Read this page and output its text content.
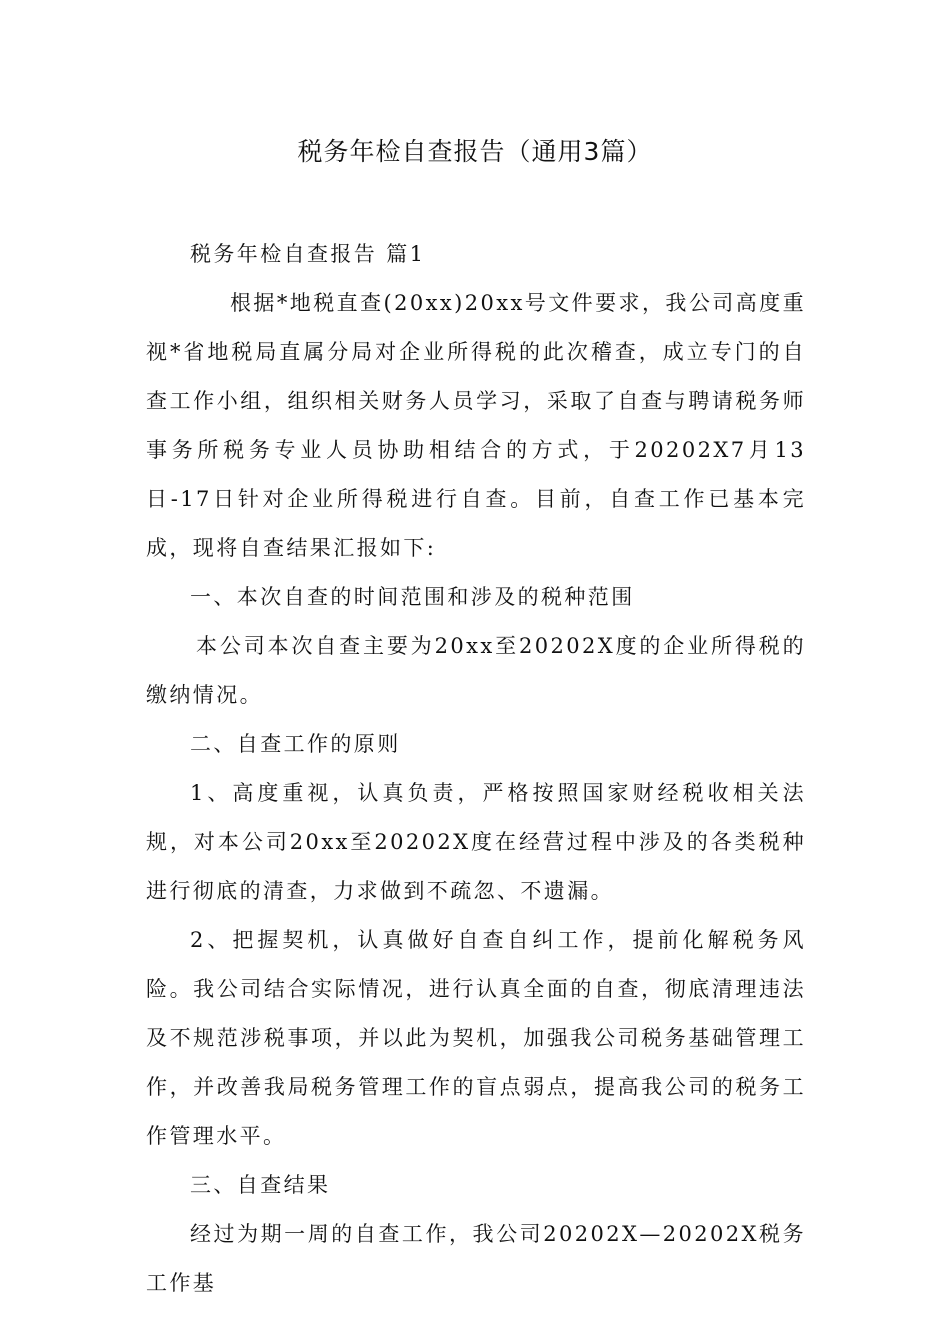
税务年检自查报告（通用3篇）

税务年检自查报告 篇1

根据*地税直查(20xx)20xx号文件要求，我公司高度重视*省地税局直属分局对企业所得税的此次稽查，成立专门的自查工作小组，组织相关财务人员学习，采取了自查与聘请税务师事务所税务专业人员协助相结合的方式，于20202X7月13日-17日针对企业所得税进行自查。目前，自查工作已基本完成，现将自查结果汇报如下:

一、本次自查的时间范围和涉及的税种范围

本公司本次自查主要为20xx至20202X度的企业所得税的缴纳情况。

二、自查工作的原则

1、高度重视，认真负责，严格按照国家财经税收相关法规，对本公司20xx至20202X度在经营过程中涉及的各类税种进行彻底的清查，力求做到不疏忽、不遗漏。

2、把握契机，认真做好自查自纠工作，提前化解税务风险。我公司结合实际情况，进行认真全面的自查，彻底清理违法及不规范涉税事项，并以此为契机，加强我公司税务基础管理工作，并改善我局税务管理工作的盲点弱点，提高我公司的税务工作管理水平。

三、自查结果

经过为期一周的自查工作，我公司20202X—20202X税务工作基
